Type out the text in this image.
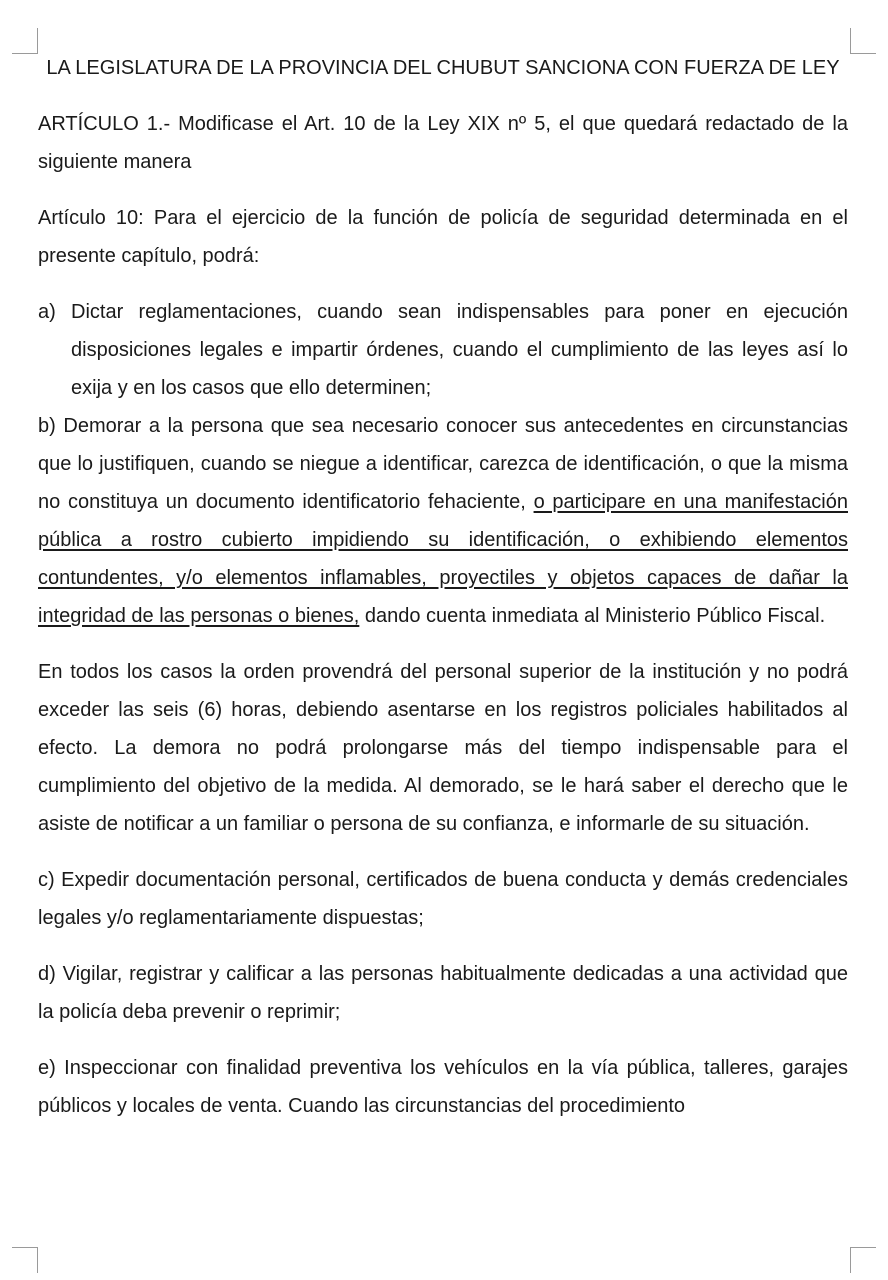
LA LEGISLATURA DE LA PROVINCIA DEL CHUBUT SANCIONA CON FUERZA DE LEY

ARTÍCULO 1.- Modificase el Art. 10 de la Ley XIX nº 5, el que quedará redactado de la siguiente manera

Artículo 10: Para el ejercicio de la función de policía de seguridad determinada en el presente capítulo, podrá:

a) Dictar reglamentaciones, cuando sean indispensables para poner en ejecución disposiciones legales e impartir órdenes, cuando el cumplimiento de las leyes así lo exija y en los casos que ello determinen;

b) Demorar a la persona que sea necesario conocer sus antecedentes en circunstancias que lo justifiquen, cuando se niegue a identificar, carezca de identificación, o que la misma no constituya un documento identificatorio fehaciente, o participare en una manifestación pública a rostro cubierto impidiendo su identificación, o exhibiendo elementos contundentes, y/o elementos inflamables, proyectiles y objetos capaces de dañar la integridad de las personas o bienes, dando cuenta inmediata al Ministerio Público Fiscal.

En todos los casos la orden provendrá del personal superior de la institución y no podrá exceder las seis (6) horas, debiendo asentarse en los registros policiales habilitados al efecto. La demora no podrá prolongarse más del tiempo indispensable para el cumplimiento del objetivo de la medida. Al demorado, se le hará saber el derecho que le asiste de notificar a un familiar o persona de su confianza, e informarle de su situación.

c) Expedir documentación personal, certificados de buena conducta y demás credenciales legales y/o reglamentariamente dispuestas;

d) Vigilar, registrar y calificar a las personas habitualmente dedicadas a una actividad que la policía deba prevenir o reprimir;

e) Inspeccionar con finalidad preventiva los vehículos en la vía pública, talleres, garajes públicos y locales de venta. Cuando las circunstancias del procedimiento
